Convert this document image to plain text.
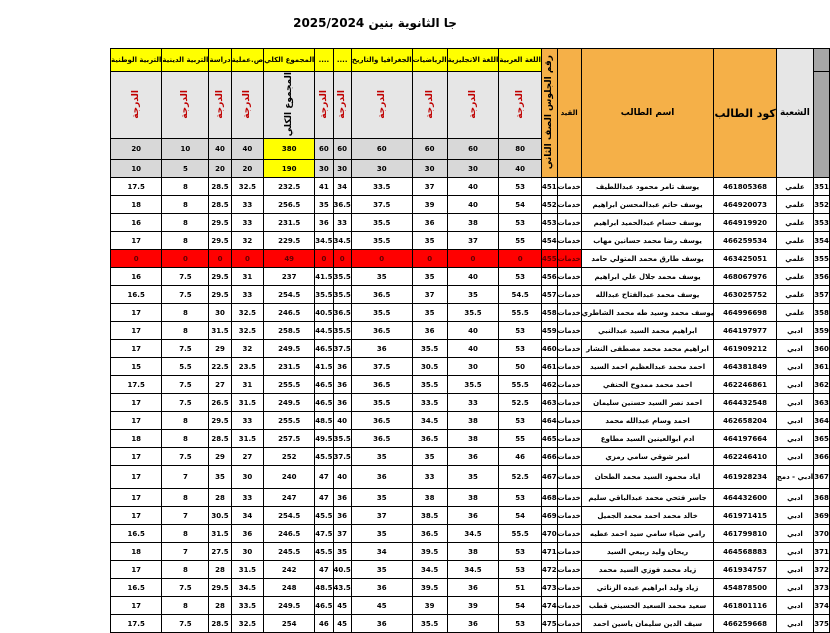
جا الثانوية بنين 2025/2024
	الشعبة	كود الطالب	اسم الطالب	القيد	رقم الجلوس الصف الثاني	اللغة العربية	اللغة الانجليزية	الرياضيات	الجغرافيا والتاريخ	....	....	المجموع الكلي	ص.عملية	دراسة	التربية الدينية	التربية الوطنية
						الدرجة	الدرجة	الدرجة	الدرجة	الدرجة	الدرجة	المجموع الكلي	الدرجة	الدرجة	الدرجة	الدرجة
						80	60	60	60	60	60	380	40	40	10	20
						40	30	30	30	30	30	190	20	20	5	10
351	علمي	461805368	يوسف تامر محمود عبداللطيف	خدمات	451	53	40	37	33.5	34	41	232.5	32.5	28.5	8	17.5
352	علمي	464920073	يوسف حاتم عبدالمحسن ابراهيم	خدمات	452	54	40	39	37.5	36.5	35	256.5	33	28.5	8	18
353	علمي	464919920	يوسف حسام عبدالحميد ابراهيم	خدمات	453	53	38	36	35.5	33	36	231.5	33	29.5	8	16
354	علمي	466259534	يوسف رضا محمد حسانين مهاب	خدمات	454	55	37	35	35.5	34.5	34.5	229.5	32	29.5	8	17
355	علمي	463425051	يوسف طارق محمد المتولي حامد	خدمات	455	0	0	0	0	0	0	49	0	0	0	0
356	علمي	468067976	يوسف محمد جلال علي ابراهيم	خدمات	456	53	40	35	35	35.5	41.5	237	31	29.5	7.5	16
357	علمي	463025752	يوسف محمد عبدالفتاح عبدالله	خدمات	457	54.5	35	37	36.5	35.5	35.5	254.5	33	29.5	7.5	16.5
358	علمي	464996698	يوسف محمد وسيد طه محمد الشاطري	خدمات	458	55.5	35.5	35	35.5	36.5	40.5	246.5	32.5	30	8	17
359	ادبي	464197977	ابراهيم محمد السيد عبدالنبي	خدمات	459	53	40	36	36.5	35.5	44.5	258.5	32.5	31.5	8	17
360	ادبي	461909212	ابراهيم محمد محمد مصطفى النشار	خدمات	460	53	40	35.5	36	37.5	46.5	249.5	32	29	7.5	17
361	ادبي	464381849	احمد محمد عبدالعظيم احمد السيد	خدمات	461	50	30	30.5	37.5	36	41.5	231.5	23.5	22.5	5.5	15
362	ادبي	462246861	احمد محمد ممدوح الحنفي	خدمات	462	55.5	35.5	35.5	36.5	36	46.5	255.5	31	27	7.5	17.5
363	ادبي	464432548	احمد نصر السيد حسنين سليمان	خدمات	463	52.5	33	33.5	35.5	36	46.5	249.5	31.5	26.5	7.5	17
364	ادبي	462658204	احمد وسام عبدالله محمد	خدمات	464	53	38	34.5	36.5	40	48.5	255.5	33	29.5	8	17
365	ادبي	464197664	ادم ابوالعينين السيد مطاوع	خدمات	465	55	38	36.5	36.5	35.5	49.5	257.5	31.5	28.5	8	18
366	ادبي	462246410	امير شوقي سامي رمزي	خدمات	466	46	36	35	35	37.5	45.5	252	27	29	7.5	17
367	ادبي - دمج	461928234	اياد محمود السيد محمد الطحان	خدمات	467	52.5	35	33	36	40	47	240	30	35	7	17
368	ادبي	464432600	جاسر فتحي محمد عبدالباقي سليم	خدمات	468	53	38	38	35	36	47	247	33	28	8	17
369	ادبي	461971415	خالد محمد احمد محمد الجميل	خدمات	469	54	36	38.5	37	36	45.5	254.5	34	30.5	7	17
370	ادبي	461799810	رامي ضياء سامي سيد احمد عطيه	خدمات	470	55.5	34.5	36.5	35	37	47.5	246.5	36	31.5	8	16.5
371	ادبي	464568883	ريحان وليد ربيعي السيد	خدمات	471	53	38	39.5	34	35	45.5	245.5	30	27.5	7	18
372	ادبي	461934757	زياد محمد فوزي السيد محمد	خدمات	472	53	34.5	34.5	35	40.5	47	242	31.5	28	8	17
373	ادبي	454878500	زياد وليد ابراهيم عيده الزناتي	خدمات	473	51	36	39.5	36	43.5	48.5	248	34.5	29.5	7.5	16.5
374	ادبي	461801116	سعيد محمد السعيد الحسيني قطب	خدمات	474	54	39	39	45	45	46.5	249.5	33.5	28	8	17
375	ادبي	466259668	سيف الدين سليمان ياسين احمد	خدمات	475	53	36	35.5	36	45	46	254	32.5	28.5	7.5	17.5
